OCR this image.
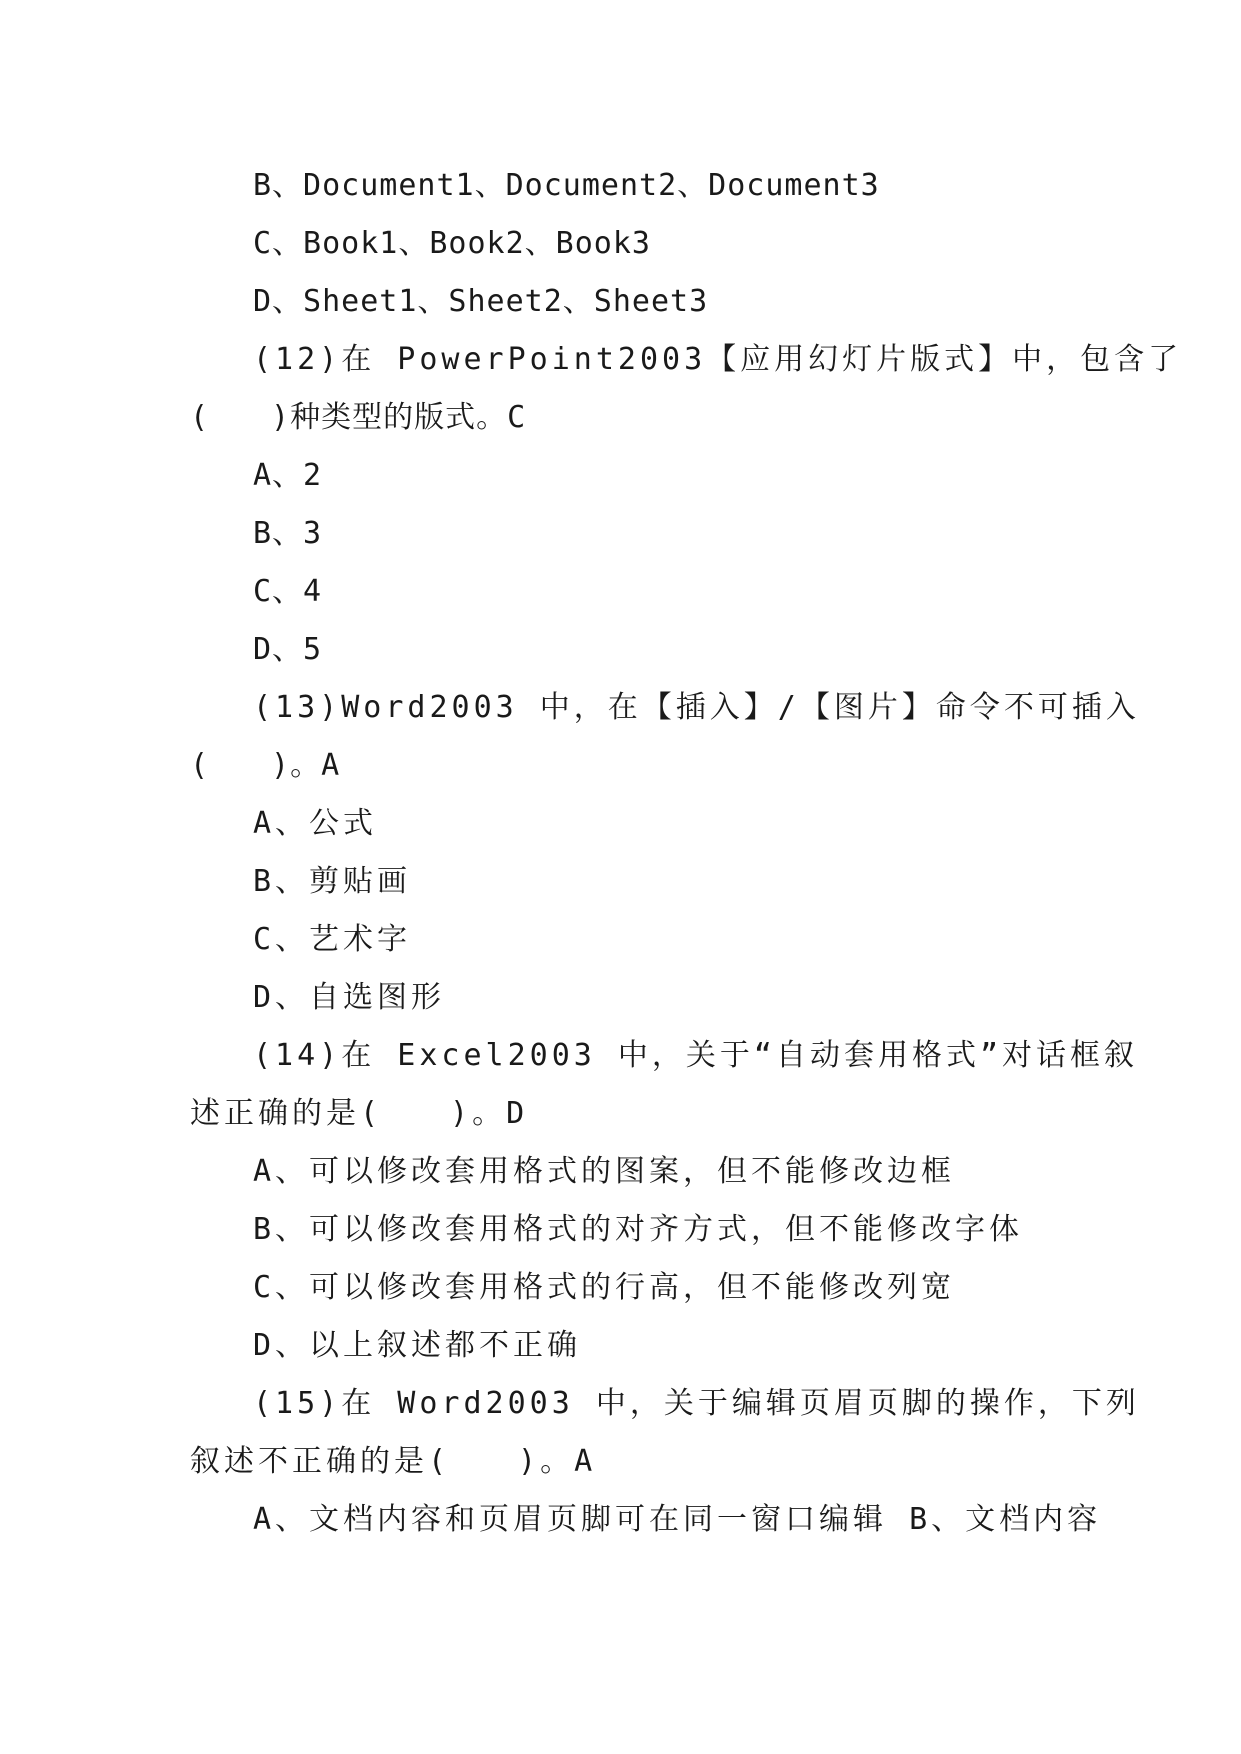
B、Document1、Document2、Document3
C、Book1、Book2、Book3
D、Sheet1、Sheet2、Sheet3
(12)在 PowerPoint2003【应用幻灯片版式】中，包含了
(　　)种类型的版式。C
A、2
B、3
C、4
D、5
(13)Word2003 中，在【插入】/【图片】命令不可插入
(　　)。A
A、公式
B、剪贴画
C、艺术字
D、自选图形
(14)在 Excel2003 中，关于“自动套用格式”对话框叙
述正确的是(　　)。D
A、可以修改套用格式的图案，但不能修改边框
B、可以修改套用格式的对齐方式，但不能修改字体
C、可以修改套用格式的行高，但不能修改列宽
D、以上叙述都不正确
(15)在 Word2003 中，关于编辑页眉页脚的操作，下列
叙述不正确的是(　　)。A
A、文档内容和页眉页脚可在同一窗口编辑 B、文档内容
